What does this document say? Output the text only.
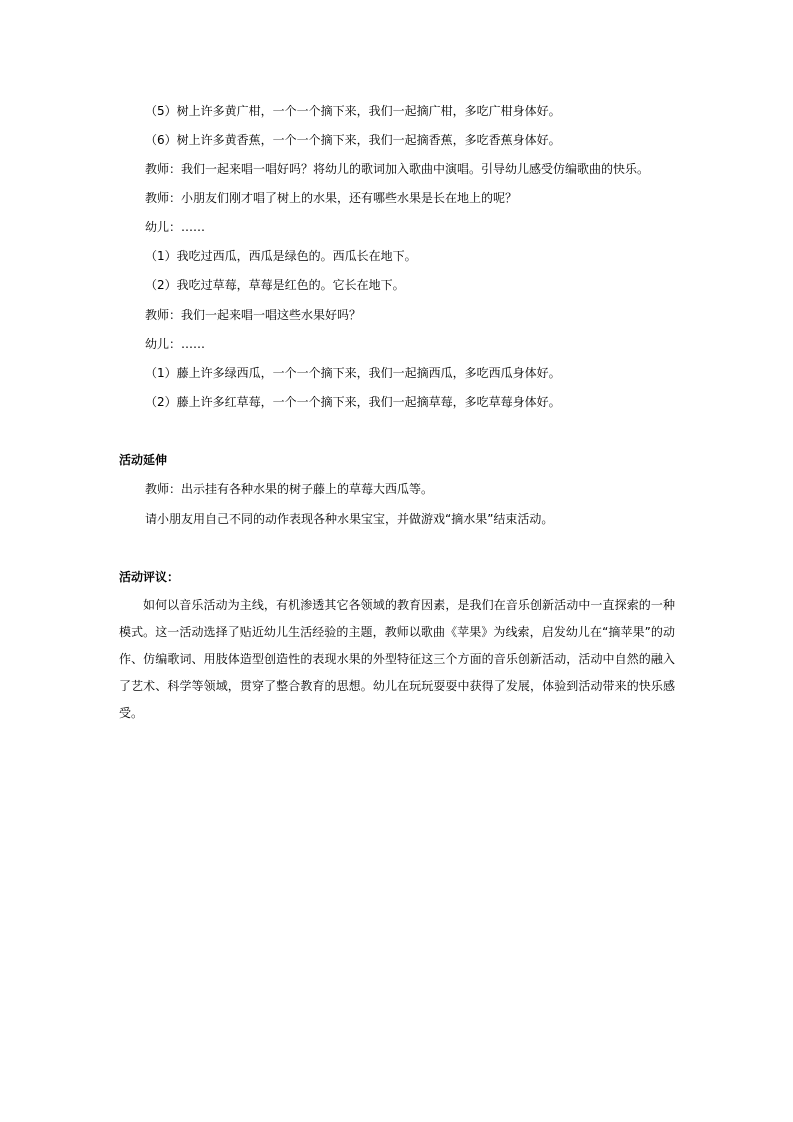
（5）树上许多黄广柑，一个一个摘下来，我们一起摘广柑，多吃广柑身体好。
（6）树上许多黄香蕉，一个一个摘下来，我们一起摘香蕉，多吃香蕉身体好。
教师：我们一起来唱一唱好吗？将幼儿的歌词加入歌曲中演唱。引导幼儿感受仿编歌曲的快乐。
教师：小朋友们刚才唱了树上的水果，还有哪些水果是长在地上的呢？
幼儿：……
（1）我吃过西瓜，西瓜是绿色的。西瓜长在地下。
（2）我吃过草莓，草莓是红色的。它长在地下。
教师：我们一起来唱一唱这些水果好吗？
幼儿：……
（1）藤上许多绿西瓜，一个一个摘下来，我们一起摘西瓜，多吃西瓜身体好。
（2）藤上许多红草莓，一个一个摘下来，我们一起摘草莓，多吃草莓身体好。
活动延伸
教师：出示挂有各种水果的树子藤上的草莓大西瓜等。
请小朋友用自己不同的动作表现各种水果宝宝，并做游戏“摘水果”结束活动。
活动评议：
如何以音乐活动为主线，有机渗透其它各领域的教育因素，是我们在音乐创新活动中一直探索的一种模式。这一活动选择了贴近幼儿生活经验的主题，教师以歌曲《苹果》为线索，启发幼儿在“摘苹果”的动作、仿编歌词、用肢体造型创造性的表现水果的外型特征这三个方面的音乐创新活动，活动中自然的融入了艺术、科学等领域，贯穿了整合教育的思想。幼儿在玩玩耍耍中获得了发展，体验到活动带来的快乐感受。
